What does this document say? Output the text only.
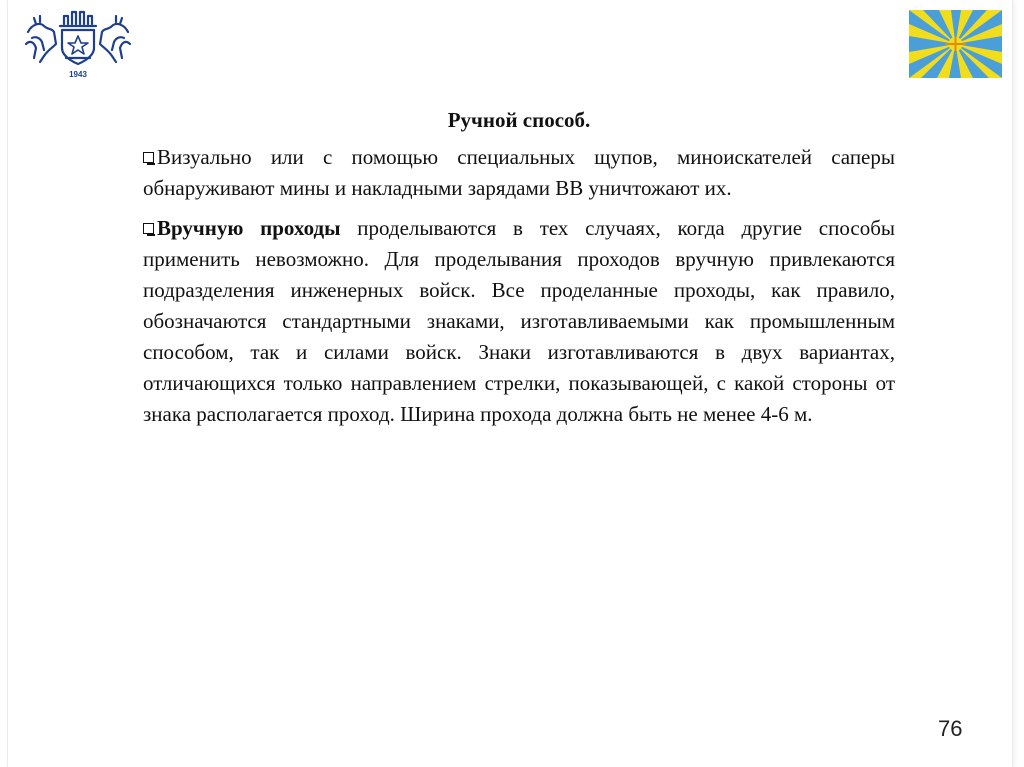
1943
Ручной способ.

Визуально или с помощью специальных щупов, миноискателей саперы обнаруживают мины и накладными зарядами ВВ уничтожают их.

Вручную проходы проделываются в тех случаях, когда другие способы применить невозможно. Для проделывания проходов вручную привлекаются подразделения инженерных войск. Все проделанные проходы, как правило, обозначаются стандартными знаками, изготавливаемыми как промышленным способом, так и силами войск. Знаки изготавливаются в двух вариантах, отличающихся только направлением стрелки, показывающей, с какой стороны от знака располагается проход. Ширина прохода должна быть не менее 4-6 м.

76
